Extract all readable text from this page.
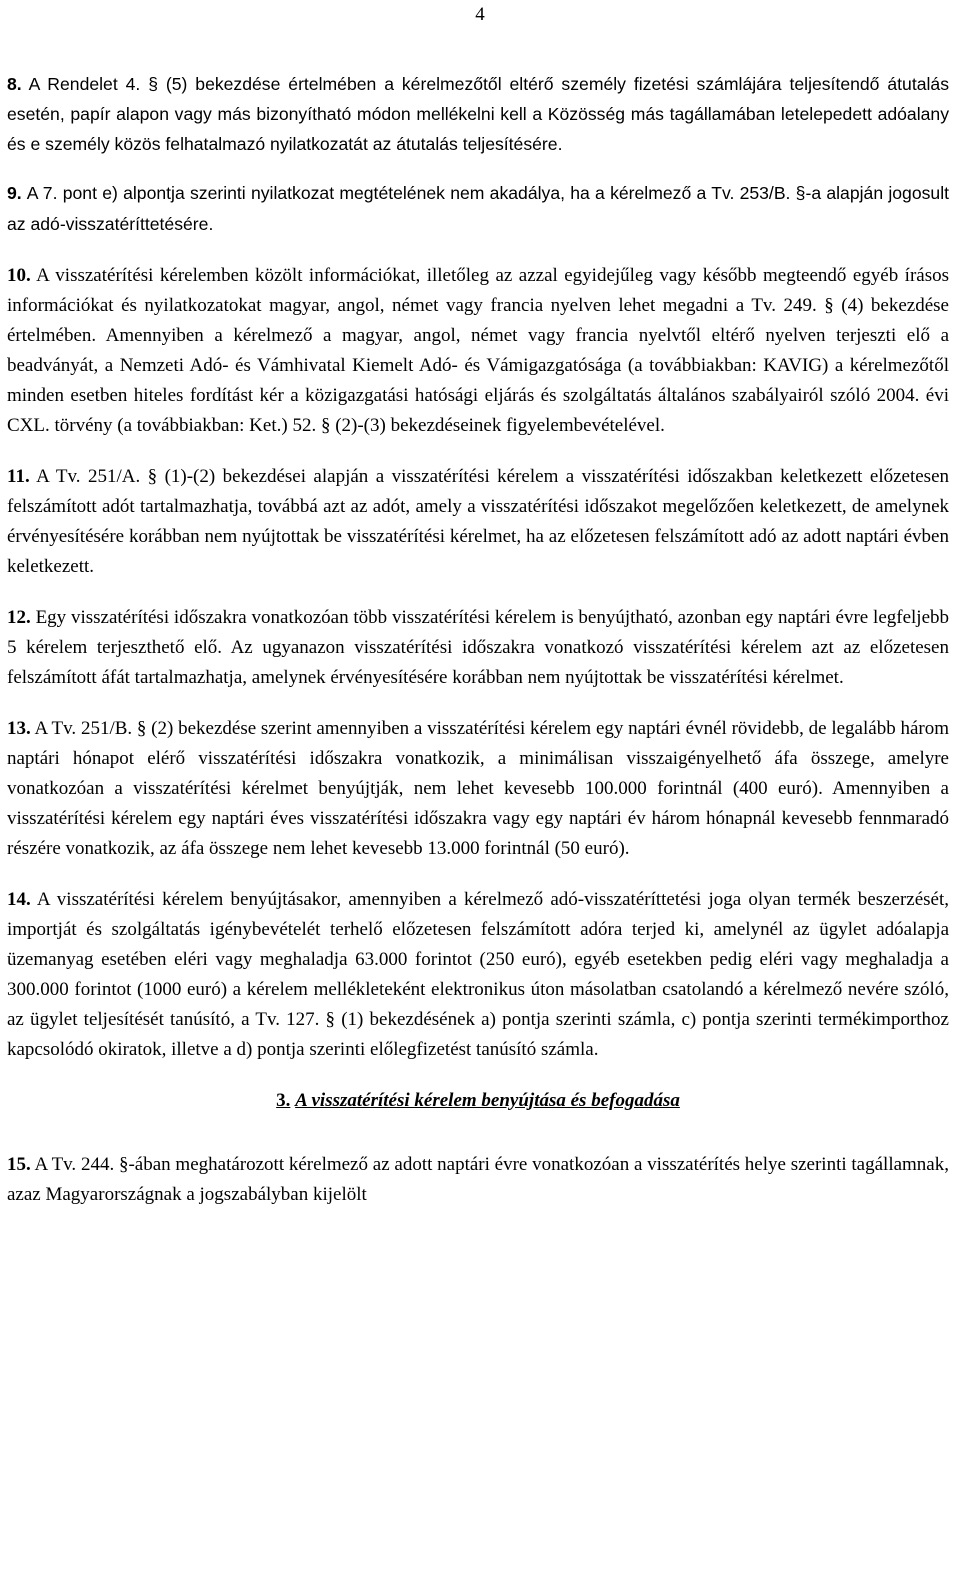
4

8. A Rendelet 4. § (5) bekezdése értelmében a kérelmezőtől eltérő személy fizetési számlájára teljesítendő átutalás esetén, papír alapon vagy más bizonyítható módon mellékelni kell a Közösség más tagállamában letelepedett adóalany és e személy közös felhatalmazó nyilatkozatát az átutalás teljesítésére.

9. A 7. pont e) alpontja szerinti nyilatkozat megtételének nem akadálya, ha a kérelmező a Tv. 253/B. §-a alapján jogosult az adó-visszatéríttetésére.

10. A visszatérítési kérelemben közölt információkat, illetőleg az azzal egyidejűleg vagy később megteendő egyéb írásos információkat és nyilatkozatokat magyar, angol, német vagy francia nyelven lehet megadni a Tv. 249. § (4) bekezdése értelmében. Amennyiben a kérelmező a magyar, angol, német vagy francia nyelvtől eltérő nyelven terjeszti elő a beadványát, a Nemzeti Adó- és Vámhivatal Kiemelt Adó- és Vámigazgatósága (a továbbiakban: KAVIG) a kérelmezőtől minden esetben hiteles fordítást kér a közigazgatási hatósági eljárás és szolgáltatás általános szabályairól szóló 2004. évi CXL. törvény (a továbbiakban: Ket.) 52. § (2)-(3) bekezdéseinek figyelembevételével.

11. A Tv. 251/A. § (1)-(2) bekezdései alapján a visszatérítési kérelem a visszatérítési időszakban keletkezett előzetesen felszámított adót tartalmazhatja, továbbá azt az adót, amely a visszatérítési időszakot megelőzően keletkezett, de amelynek érvényesítésére korábban nem nyújtottak be visszatérítési kérelmet, ha az előzetesen felszámított adó az adott naptári évben keletkezett.

12. Egy visszatérítési időszakra vonatkozóan több visszatérítési kérelem is benyújtható, azonban egy naptári évre legfeljebb 5 kérelem terjeszthető elő. Az ugyanazon visszatérítési időszakra vonatkozó visszatérítési kérelem azt az előzetesen felszámított áfát tartalmazhatja, amelynek érvényesítésére korábban nem nyújtottak be visszatérítési kérelmet.

13. A Tv. 251/B. § (2) bekezdése szerint amennyiben a visszatérítési kérelem egy naptári évnél rövidebb, de legalább három naptári hónapot elérő visszatérítési időszakra vonatkozik, a minimálisan visszaigényelhető áfa összege, amelyre vonatkozóan a visszatérítési kérelmet benyújtják, nem lehet kevesebb 100.000 forintnál (400 euró). Amennyiben a visszatérítési kérelem egy naptári éves visszatérítési időszakra vagy egy naptári év három hónapnál kevesebb fennmaradó részére vonatkozik, az áfa összege nem lehet kevesebb 13.000 forintnál (50 euró).

14. A visszatérítési kérelem benyújtásakor, amennyiben a kérelmező adó-visszatéríttetési joga olyan termék beszerzését, importját és szolgáltatás igénybevételét terhelő előzetesen felszámított adóra terjed ki, amelynél az ügylet adóalapja üzemanyag esetében eléri vagy meghaladja 63.000 forintot (250 euró), egyéb esetekben pedig eléri vagy meghaladja a 300.000 forintot (1000 euró) a kérelem mellékleteként elektronikus úton másolatban csatolandó a kérelmező nevére szóló, az ügylet teljesítését tanúsító, a Tv. 127. § (1) bekezdésének a) pontja szerinti számla, c) pontja szerinti termékimporthoz kapcsolódó okiratok, illetve a d) pontja szerinti előlegfizetést tanúsító számla.

3. A visszatérítési kérelem benyújtása és befogadása

15. A Tv. 244. §-ában meghatározott kérelmező az adott naptári évre vonatkozóan a visszatérítés helye szerinti tagállamnak, azaz Magyarországnak a jogszabályban kijelölt
